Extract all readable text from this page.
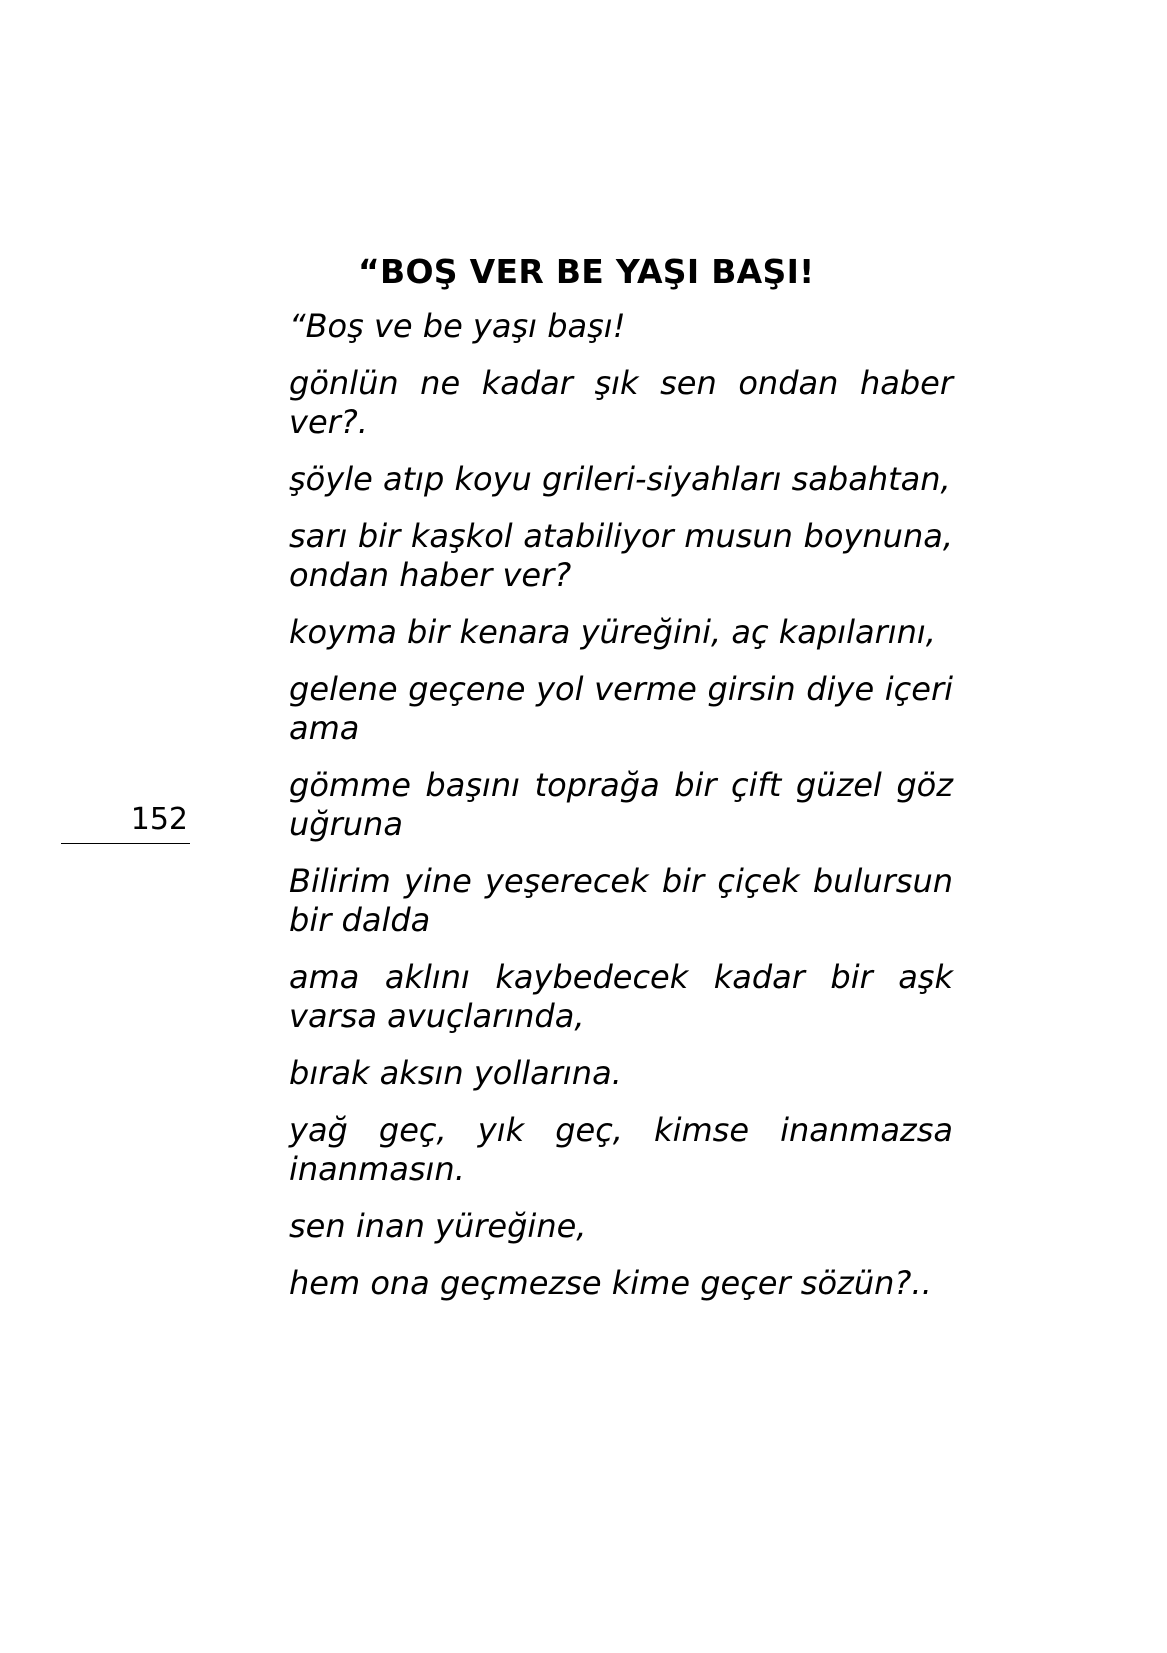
152
“BOŞ VER BE YAŞI BAŞI!

“Boş ve be yaşı başı!

gönlün ne kadar şık sen ondan haber ver?.

şöyle atıp koyu grileri-siyahları sabahtan,

sarı bir kaşkol atabiliyor musun boynuna, ondan haber ver?

koyma bir kenara yüreğini, aç kapılarını,

gelene geçene yol verme girsin diye içeri ama

gömme başını toprağa bir çift güzel göz uğruna

Bilirim yine yeşerecek bir çiçek bulursun bir dalda

ama aklını kaybedecek kadar bir aşk varsa avuçlarında,

bırak aksın yollarına.

yağ geç, yık geç, kimse inanmazsa inanmasın.

sen inan yüreğine,

hem ona geçmezse kime geçer sözün?..
